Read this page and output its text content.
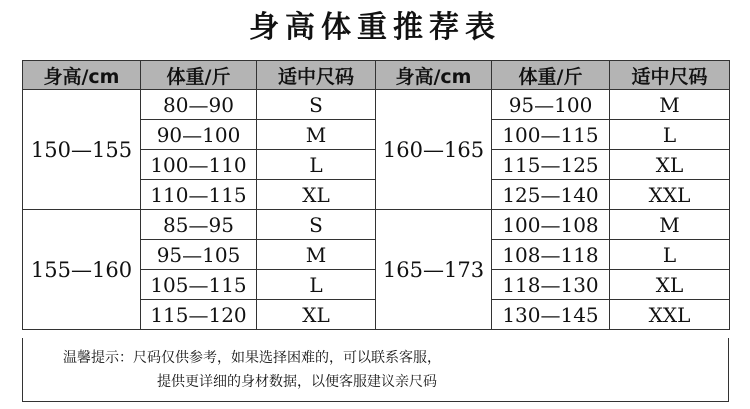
身高体重推荐表
身高/cm	体重/斤	适中尺码	身高/cm	体重/斤	适中尺码
150—155	80—90	S	160—165	95—100	M
	90—100	M		100—115	L
	100—110	L		115—125	XL
	110—115	XL		125—140	XXL
155—160	85—95	S	165—173	100—108	M
	95—105	M		108—118	L
	105—115	L		118—130	XL
	115—120	XL		130—145	XXL
温馨提示：尺码仅供参考，如果选择困难的，可以联系客服，
提供更详细的身材数据，以便客服建议亲尺码
